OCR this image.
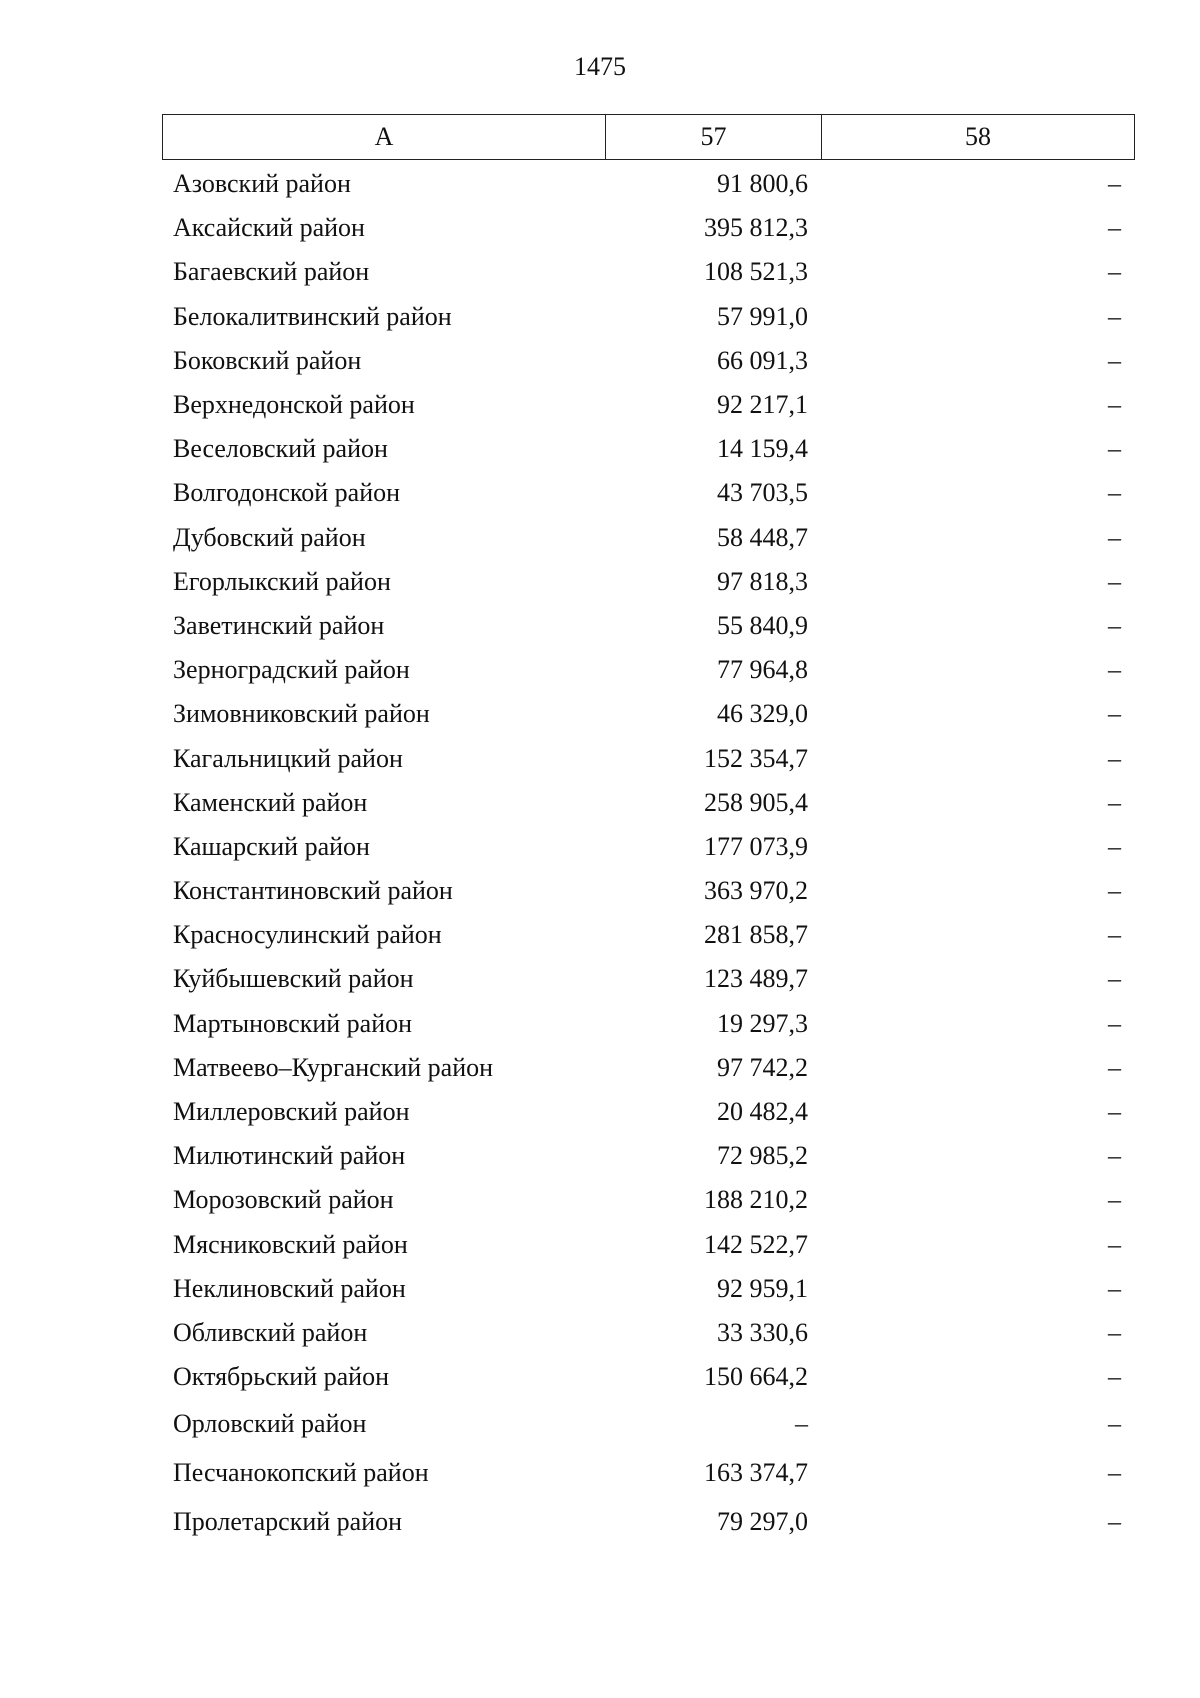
1475
А	57	58
Азовский район	91 800,6	–
Аксайский район	395 812,3	–
Багаевский район	108 521,3	–
Белокалитвинский район	57 991,0	–
Боковский район	66 091,3	–
Верхнедонской район	92 217,1	–
Веселовский район	14 159,4	–
Волгодонской район	43 703,5	–
Дубовский район	58 448,7	–
Егорлыкский район	97 818,3	–
Заветинский район	55 840,9	–
Зерноградский район	77 964,8	–
Зимовниковский район	46 329,0	–
Кагальницкий район	152 354,7	–
Каменский район	258 905,4	–
Кашарский район	177 073,9	–
Константиновский район	363 970,2	–
Красносулинский район	281 858,7	–
Куйбышевский район	123 489,7	–
Мартыновский район	19 297,3	–
Матвеево–Курганский район	97 742,2	–
Миллеровский район	20 482,4	–
Милютинский район	72 985,2	–
Морозовский район	188 210,2	–
Мясниковский район	142 522,7	–
Неклиновский район	92 959,1	–
Обливский район	33 330,6	–
Октябрьский район	150 664,2	–
Орловский район	–	–
Песчанокопский район	163 374,7	–
Пролетарский район	79 297,0	–
